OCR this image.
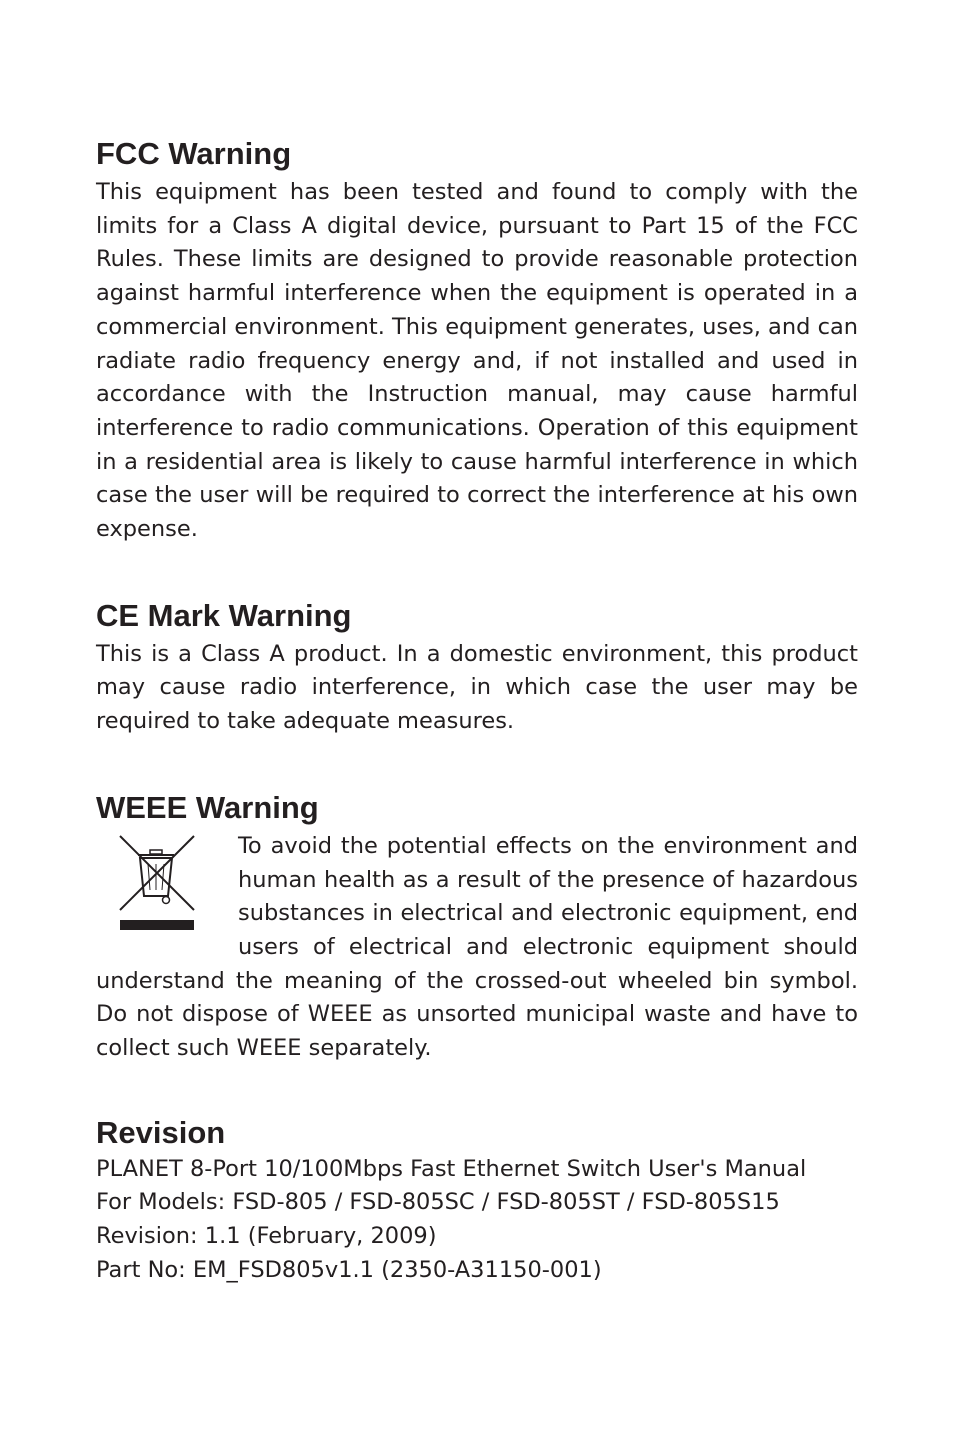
FCC Warning

This equipment has been tested and found to comply with the limits for a Class A digital device, pursuant to Part 15 of the FCC Rules. These limits are designed to provide reasonable protection against harmful interference when the equipment is operated in a commercial environment. This equipment generates, uses, and can radiate radio frequency energy and, if not installed and used in accordance with the Instruction manual, may cause harmful interference to radio communications. Operation of this equipment in a residential area is likely to cause harmful interference in which case the user will be required to correct the interference at his own expense.

CE Mark Warning

This is a Class A product. In a domestic environment, this product may cause radio interference, in which case the user may be required to take adequate measures.

WEEE Warning

To avoid the potential effects on the environment and human health as a result of the presence of hazardous substances in electrical and electronic equipment, end users of electrical and electronic equipment should understand the meaning of the crossed-out wheeled bin symbol. Do not dispose of WEEE as unsorted municipal waste and have to collect such WEEE separately.

Revision
PLANET 8-Port 10/100Mbps Fast Ethernet Switch User's Manual
For Models: FSD-805 / FSD-805SC / FSD-805ST / FSD-805S15
Revision: 1.1 (February, 2009)
Part No: EM_FSD805v1.1 (2350-A31150-001)
